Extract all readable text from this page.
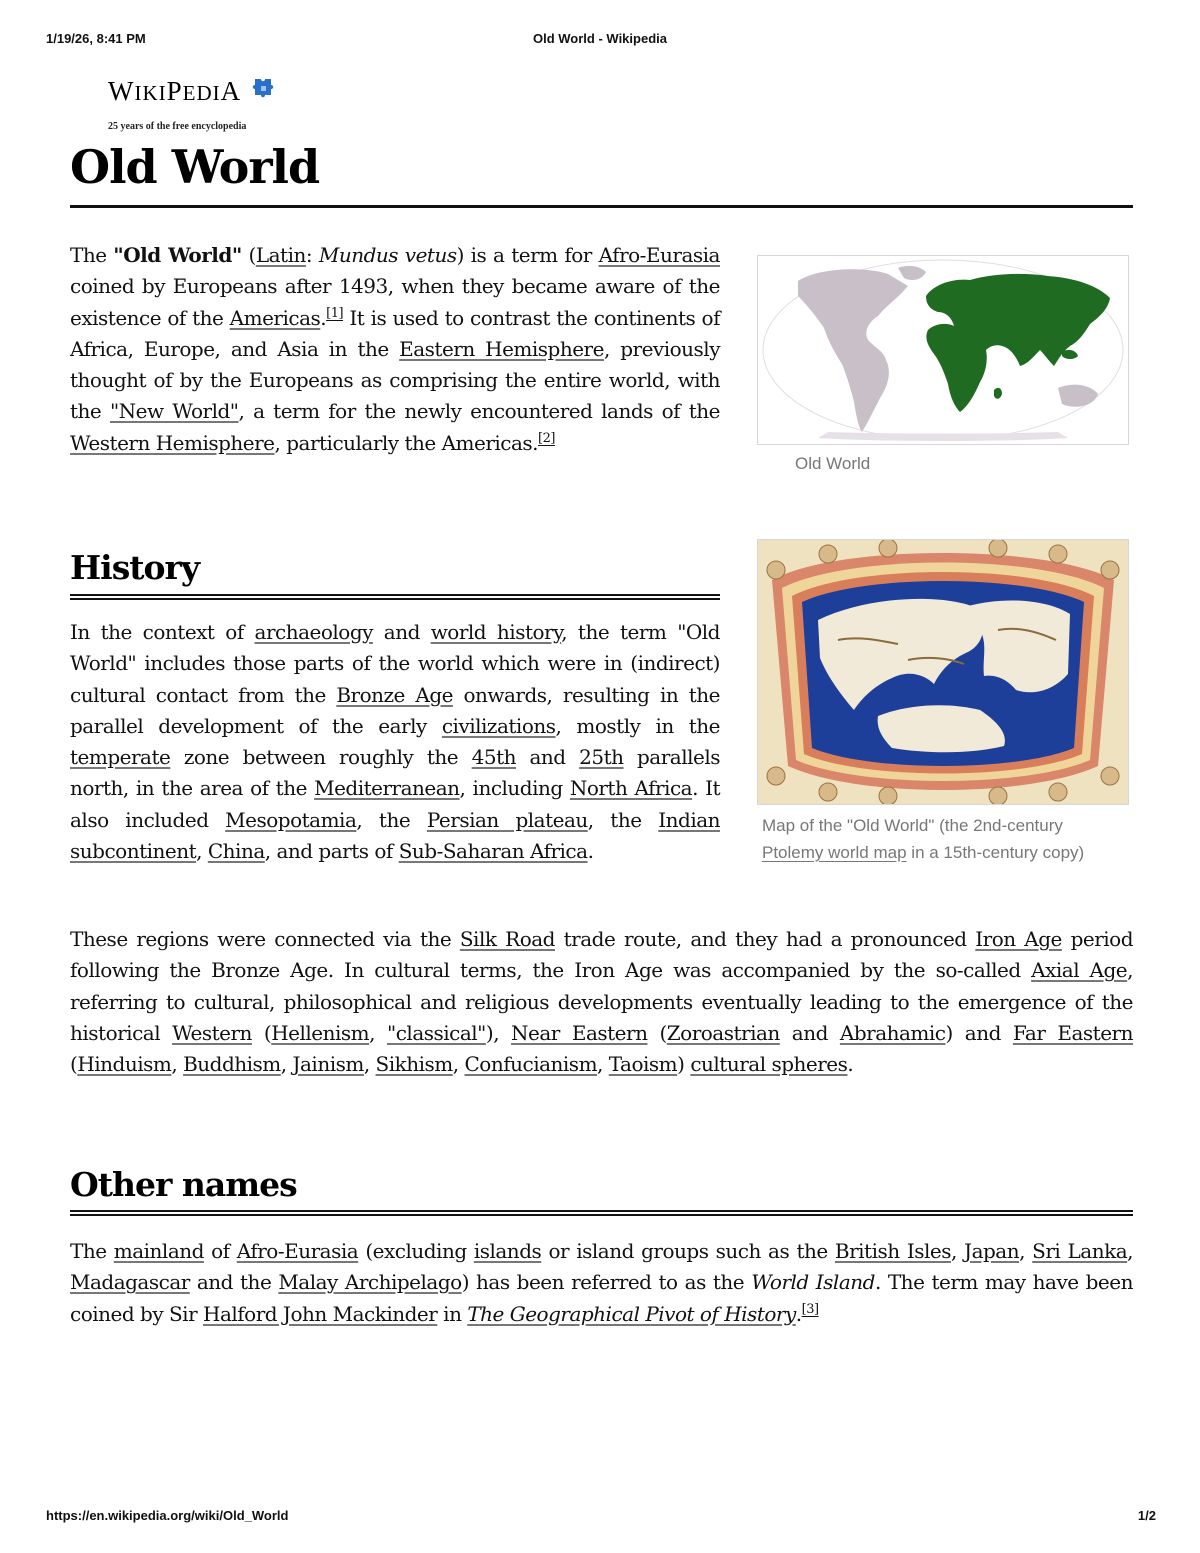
1/19/26, 8:41 PM	Old World - Wikipedia
WIKIPEDIA
25 years of the free encyclopedia
Old World

The "Old World" (Latin: Mundus vetus) is a term for Afro-Eurasia coined by Europeans after 1493, when they became aware of the existence of the Americas.[1] It is used to contrast the continents of Africa, Europe, and Asia in the Eastern Hemisphere, previously thought of by the Europeans as comprising the entire world, with the "New World", a term for the newly encountered lands of the Western Hemisphere, particularly the Americas.[2]

Old World
History

In the context of archaeology and world history, the term "Old World" includes those parts of the world which were in (indirect) cultural contact from the Bronze Age onwards, resulting in the parallel development of the early civilizations, mostly in the temperate zone between roughly the 45th and 25th parallels north, in the area of the Mediterranean, including North Africa. It also included Mesopotamia, the Persian plateau, the Indian subcontinent, China, and parts of Sub-Saharan Africa.

Map of the "Old World" (the 2nd-century Ptolemy world map in a 15th-century copy)

These regions were connected via the Silk Road trade route, and they had a pronounced Iron Age period following the Bronze Age. In cultural terms, the Iron Age was accompanied by the so-called Axial Age, referring to cultural, philosophical and religious developments eventually leading to the emergence of the historical Western (Hellenism, "classical"), Near Eastern (Zoroastrian and Abrahamic) and Far Eastern (Hinduism, Buddhism, Jainism, Sikhism, Confucianism, Taoism) cultural spheres.

Other names

The mainland of Afro-Eurasia (excluding islands or island groups such as the British Isles, Japan, Sri Lanka, Madagascar and the Malay Archipelago) has been referred to as the World Island. The term may have been coined by Sir Halford John Mackinder in The Geographical Pivot of History.[3]

https://en.wikipedia.org/wiki/Old_World	1/2
